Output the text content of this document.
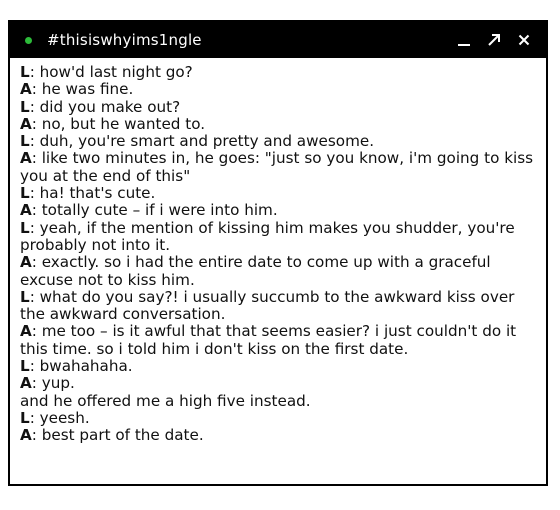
#thisiswhyims1ngle

L: how'd last night go?

A: he was fine.

L: did you make out?

A: no, but he wanted to.

L: duh, you're smart and pretty and awesome.

A: like two minutes in, he goes: "just so you know, i'm going to kiss you at the end of this"

L: ha! that's cute.

A: totally cute – if i were into him.

L: yeah, if the mention of kissing him makes you shudder, you're probably not into it.

A: exactly. so i had the entire date to come up with a graceful excuse not to kiss him.

L: what do you say?! i usually succumb to the awkward kiss over the awkward conversation.

A: me too – is it awful that that seems easier? i just couldn't do it this time. so i told him i don't kiss on the first date.

L: bwahahaha.

A: yup.

and he offered me a high five instead.

L: yeesh.

A: best part of the date.
